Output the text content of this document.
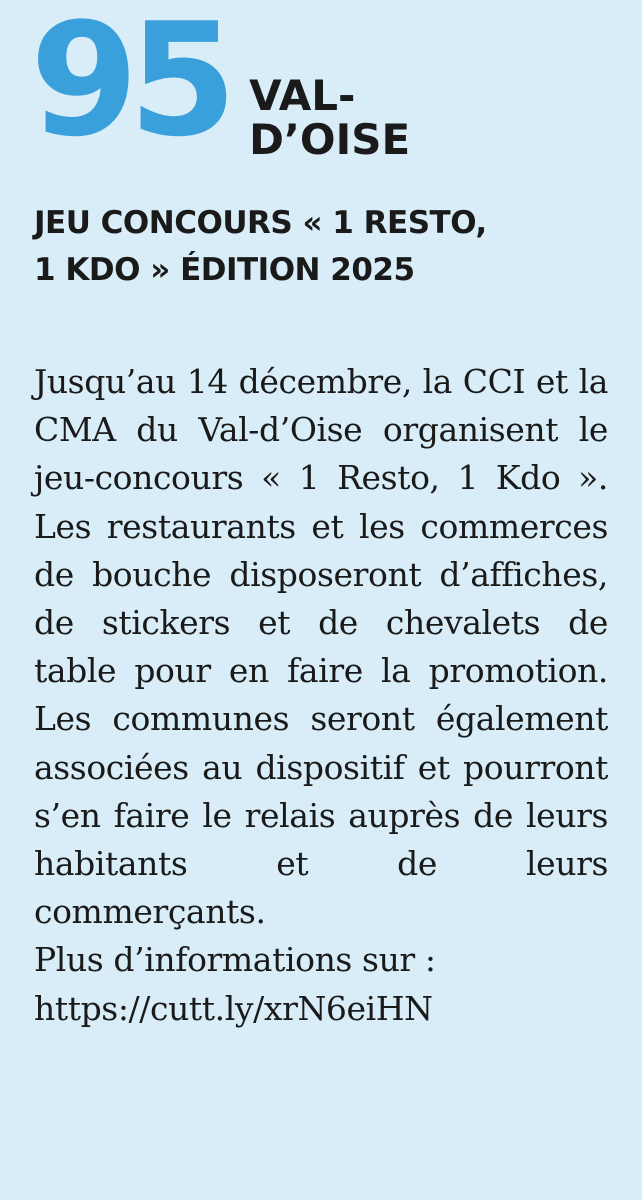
95 VAL-
D’OISE
JEU CONCOURS « 1 RESTO,
1 KDO » ÉDITION 2025

Jusqu’au 14 décembre, la CCI et la CMA du Val-d’Oise organisent le jeu-concours « 1 Resto, 1 Kdo ». Les restaurants et les commerces de bouche disposeront d’affiches, de stickers et de chevalets de table pour en faire la promotion. Les communes seront également associées au dispositif et pourront s’en faire le relais auprès de leurs habitants et de leurs commerçants.

Plus d’informations sur :
https://cutt.ly/xrN6eiHN
